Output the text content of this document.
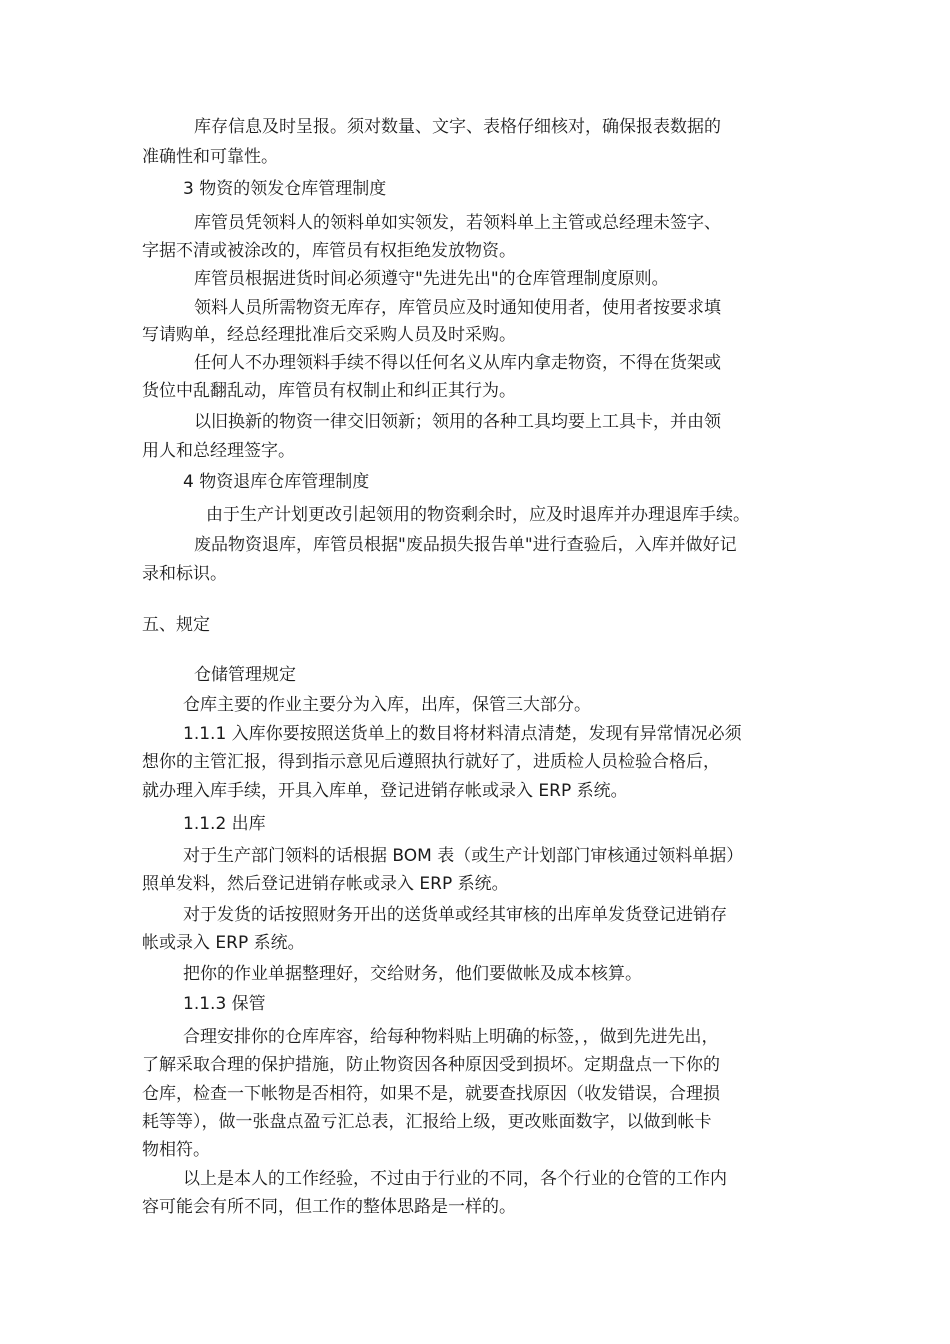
库存信息及时呈报。须对数量、文字、表格仔细核对，确保报表数据的
准确性和可靠性。
3 物资的领发仓库管理制度
库管员凭领料人的领料单如实领发，若领料单上主管或总经理未签字、
字据不清或被涂改的，库管员有权拒绝发放物资。
库管员根据进货时间必须遵守"先进先出"的仓库管理制度原则。
领料人员所需物资无库存，库管员应及时通知使用者，使用者按要求填
写请购单，经总经理批准后交采购人员及时采购。
任何人不办理领料手续不得以任何名义从库内拿走物资，不得在货架或
货位中乱翻乱动，库管员有权制止和纠正其行为。
以旧换新的物资一律交旧领新；领用的各种工具均要上工具卡，并由领
用人和总经理签字。
4 物资退库仓库管理制度
由于生产计划更改引起领用的物资剩余时，应及时退库并办理退库手续。
废品物资退库，库管员根据"废品损失报告单"进行查验后，入库并做好记
录和标识。
五、规定
仓储管理规定
仓库主要的作业主要分为入库，出库，保管三大部分。
1.1.1 入库你要按照送货单上的数目将材料清点清楚，发现有异常情况必须
想你的主管汇报，得到指示意见后遵照执行就好了，进质检人员检验合格后，
就办理入库手续，开具入库单，登记进销存帐或录入 ERP 系统。
1.1.2 出库
对于生产部门领料的话根据 BOM 表（或生产计划部门审核通过领料单据）
照单发料，然后登记进销存帐或录入 ERP 系统。
对于发货的话按照财务开出的送货单或经其审核的出库单发货登记进销存
帐或录入 ERP 系统。
把你的作业单据整理好，交给财务，他们要做帐及成本核算。
1.1.3 保管
合理安排你的仓库库容，给每种物料贴上明确的标签，，做到先进先出，
了解采取合理的保护措施，防止物资因各种原因受到损坏。定期盘点一下你的
仓库，检查一下帐物是否相符，如果不是，就要查找原因（收发错误，合理损
耗等等），做一张盘点盈亏汇总表，汇报给上级，更改账面数字，以做到帐卡
物相符。
以上是本人的工作经验，不过由于行业的不同，各个行业的仓管的工作内
容可能会有所不同，但工作的整体思路是一样的。
